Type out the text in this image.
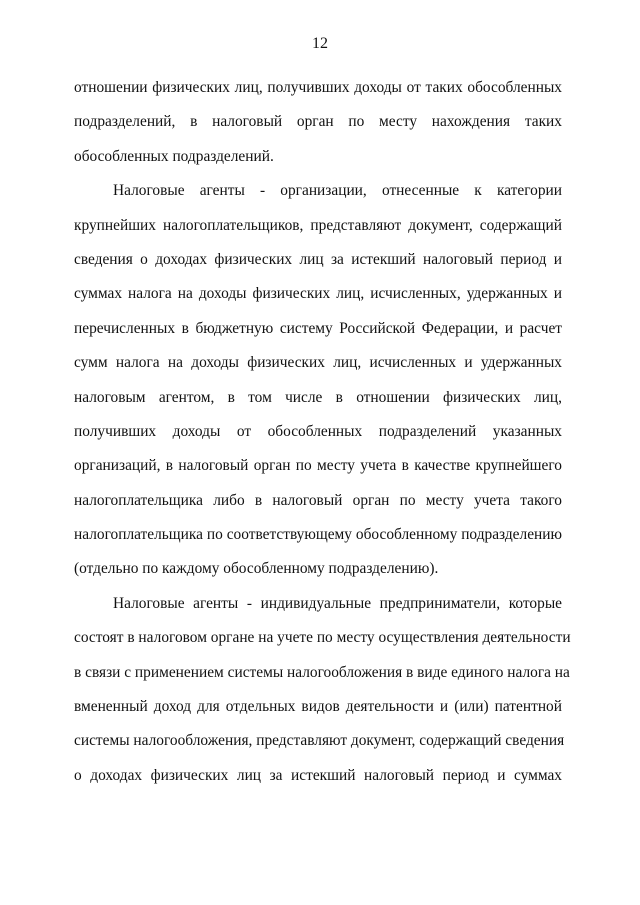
12
отношении физических лиц, получивших доходы от таких обособленных
подразделений, в налоговый орган по месту нахождения таких
обособленных подразделений.
Налоговые агенты - организации, отнесенные к категории
крупнейших налогоплательщиков, представляют документ, содержащий
сведения о доходах физических лиц за истекший налоговый период и
суммах налога на доходы физических лиц, исчисленных, удержанных и
перечисленных в бюджетную систему Российской Федерации, и расчет
сумм налога на доходы физических лиц, исчисленных и удержанных
налоговым агентом, в том числе в отношении физических лиц,
получивших доходы от обособленных подразделений указанных
организаций, в налоговый орган по месту учета в качестве крупнейшего
налогоплательщика либо в налоговый орган по месту учета такого
налогоплательщика по соответствующему обособленному подразделению
(отдельно по каждому обособленному подразделению).
Налоговые агенты - индивидуальные предприниматели, которые
состоят в налоговом органе на учете по месту осуществления деятельности
в связи с применением системы налогообложения в виде единого налога на
вмененный доход для отдельных видов деятельности и (или) патентной
системы налогообложения, представляют документ, содержащий сведения
о доходах физических лиц за истекший налоговый период и суммах
